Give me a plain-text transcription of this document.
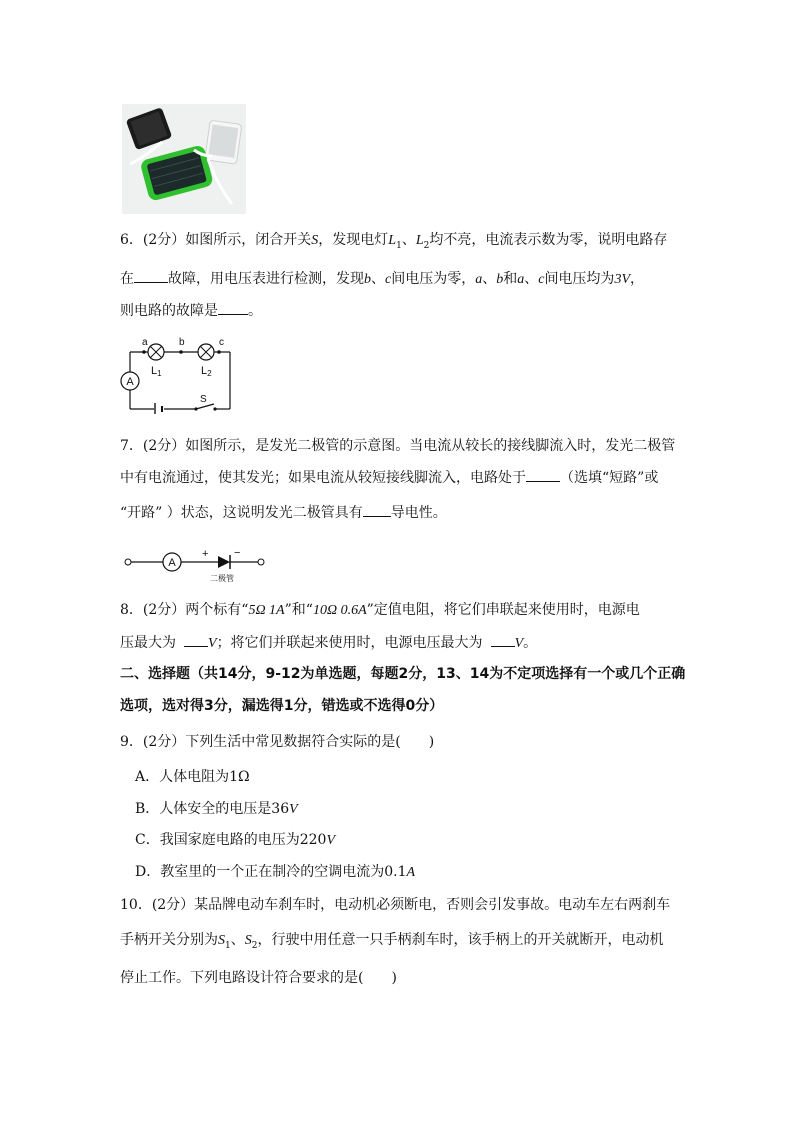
6．(2分）如图所示，闭合开关S，发现电灯$L_1$、$L_2$均不亮，电流表示数为零，说明电路存
在 故障，用电压表进行检测，发现b、c间电压为零，a、b和a、c间电压均为3V，
则电路的故障是 。
A
a	b	c
L1	L2
S
7．(2分）如图所示，是发光二极管的示意图。当电流从较长的接线脚流入时，发光二极管
中有电流通过，使其发光；如果电流从较短接线脚流入，电路处于 （选填“短路”或
“开路” ）状态，这说明发光二极管具有 导电性。
A
+ −
二极管
8．(2分）两个标有“5Ω 1A”和“10Ω 0.6A”定值电阻，将它们串联起来使用时，电源电
压最大为 V；将它们并联起来使用时，电源电压最大为 V。
二、选择题（共14分，9-12为单选题，每题2分，13、14为不定项选择有一个或几个正确
选项，选对得3分，漏选得1分，错选或不选得0分）
9．(2分）下列生活中常见数据符合实际的是(　　)
A．人体电阻为1Ω
B．人体安全的电压是36V
C．我国家庭电路的电压为220V
D．教室里的一个正在制冷的空调电流为0.1A
10．(2分）某品牌电动车刹车时，电动机必须断电，否则会引发事故。电动车左右两刹车
手柄开关分别为$S_1$、$S_2$，行驶中用任意一只手柄刹车时，该手柄上的开关就断开，电动机
停止工作。下列电路设计符合要求的是(　　)
